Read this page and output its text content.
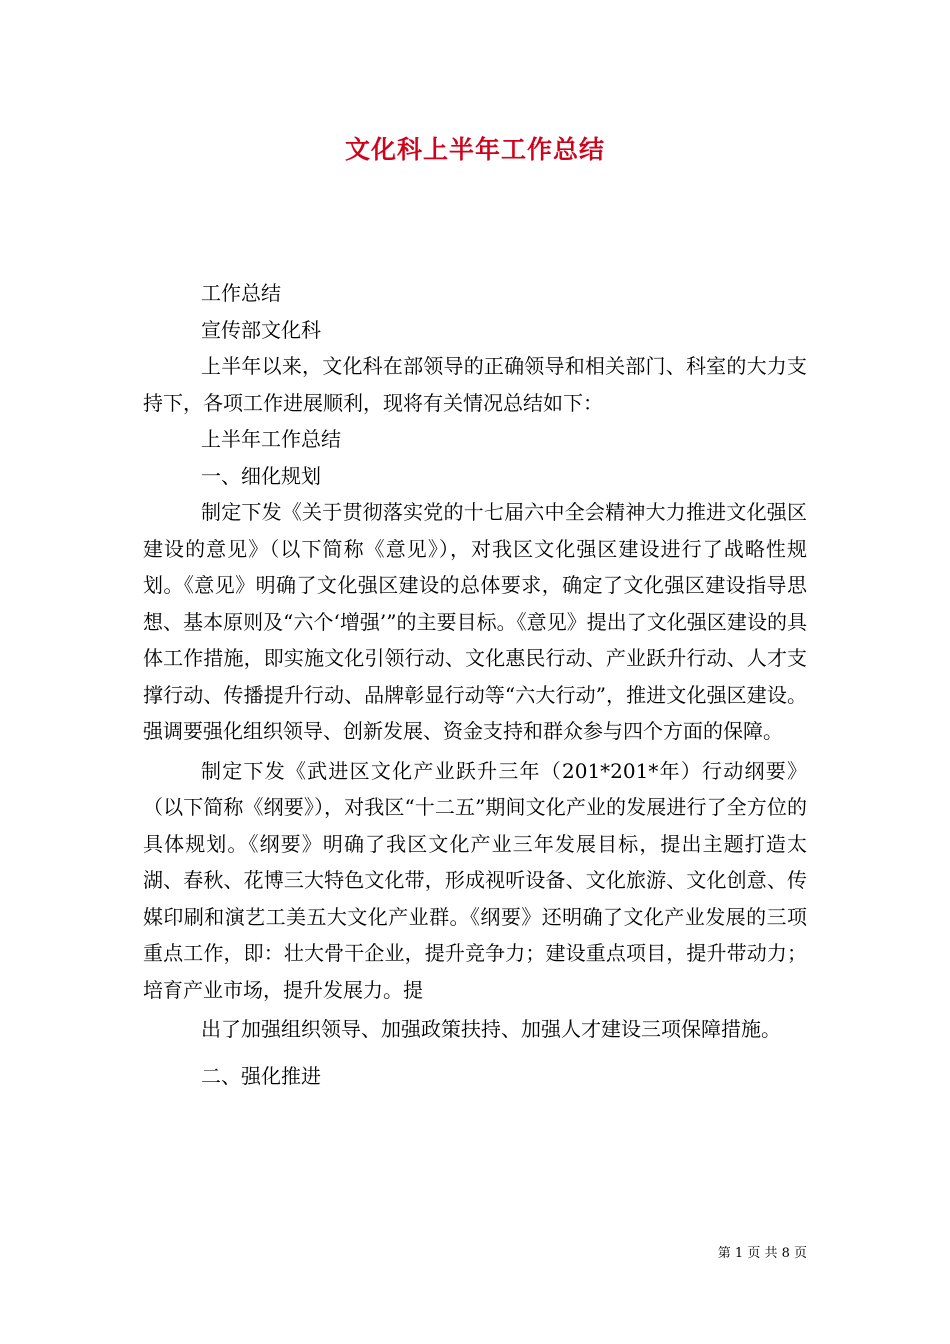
文化科上半年工作总结

工作总结

宣传部文化科

上半年以来，文化科在部领导的正确领导和相关部门、科室的大力支持下，各项工作进展顺利，现将有关情况总结如下：

上半年工作总结

一、细化规划

制定下发《关于贯彻落实党的十七届六中全会精神大力推进文化强区建设的意见》（以下简称《意见》），对我区文化强区建设进行了战略性规划。《意见》明确了文化强区建设的总体要求，确定了文化强区建设指导思想、基本原则及“六个‘增强’”的主要目标。《意见》提出了文化强区建设的具体工作措施，即实施文化引领行动、文化惠民行动、产业跃升行动、人才支撑行动、传播提升行动、品牌彰显行动等“六大行动”，推进文化强区建设。强调要强化组织领导、创新发展、资金支持和群众参与四个方面的保障。

制定下发《武进区文化产业跃升三年（201*201*年）行动纲要》（以下简称《纲要》），对我区“十二五”期间文化产业的发展进行了全方位的具体规划。《纲要》明确了我区文化产业三年发展目标，提出主题打造太湖、春秋、花博三大特色文化带，形成视听设备、文化旅游、文化创意、传媒印刷和演艺工美五大文化产业群。《纲要》还明确了文化产业发展的三项重点工作，即：壮大骨干企业，提升竞争力；建设重点项目，提升带动力；培育产业市场，提升发展力。提

出了加强组织领导、加强政策扶持、加强人才建设三项保障措施。

二、强化推进

第 1 页 共 8 页
